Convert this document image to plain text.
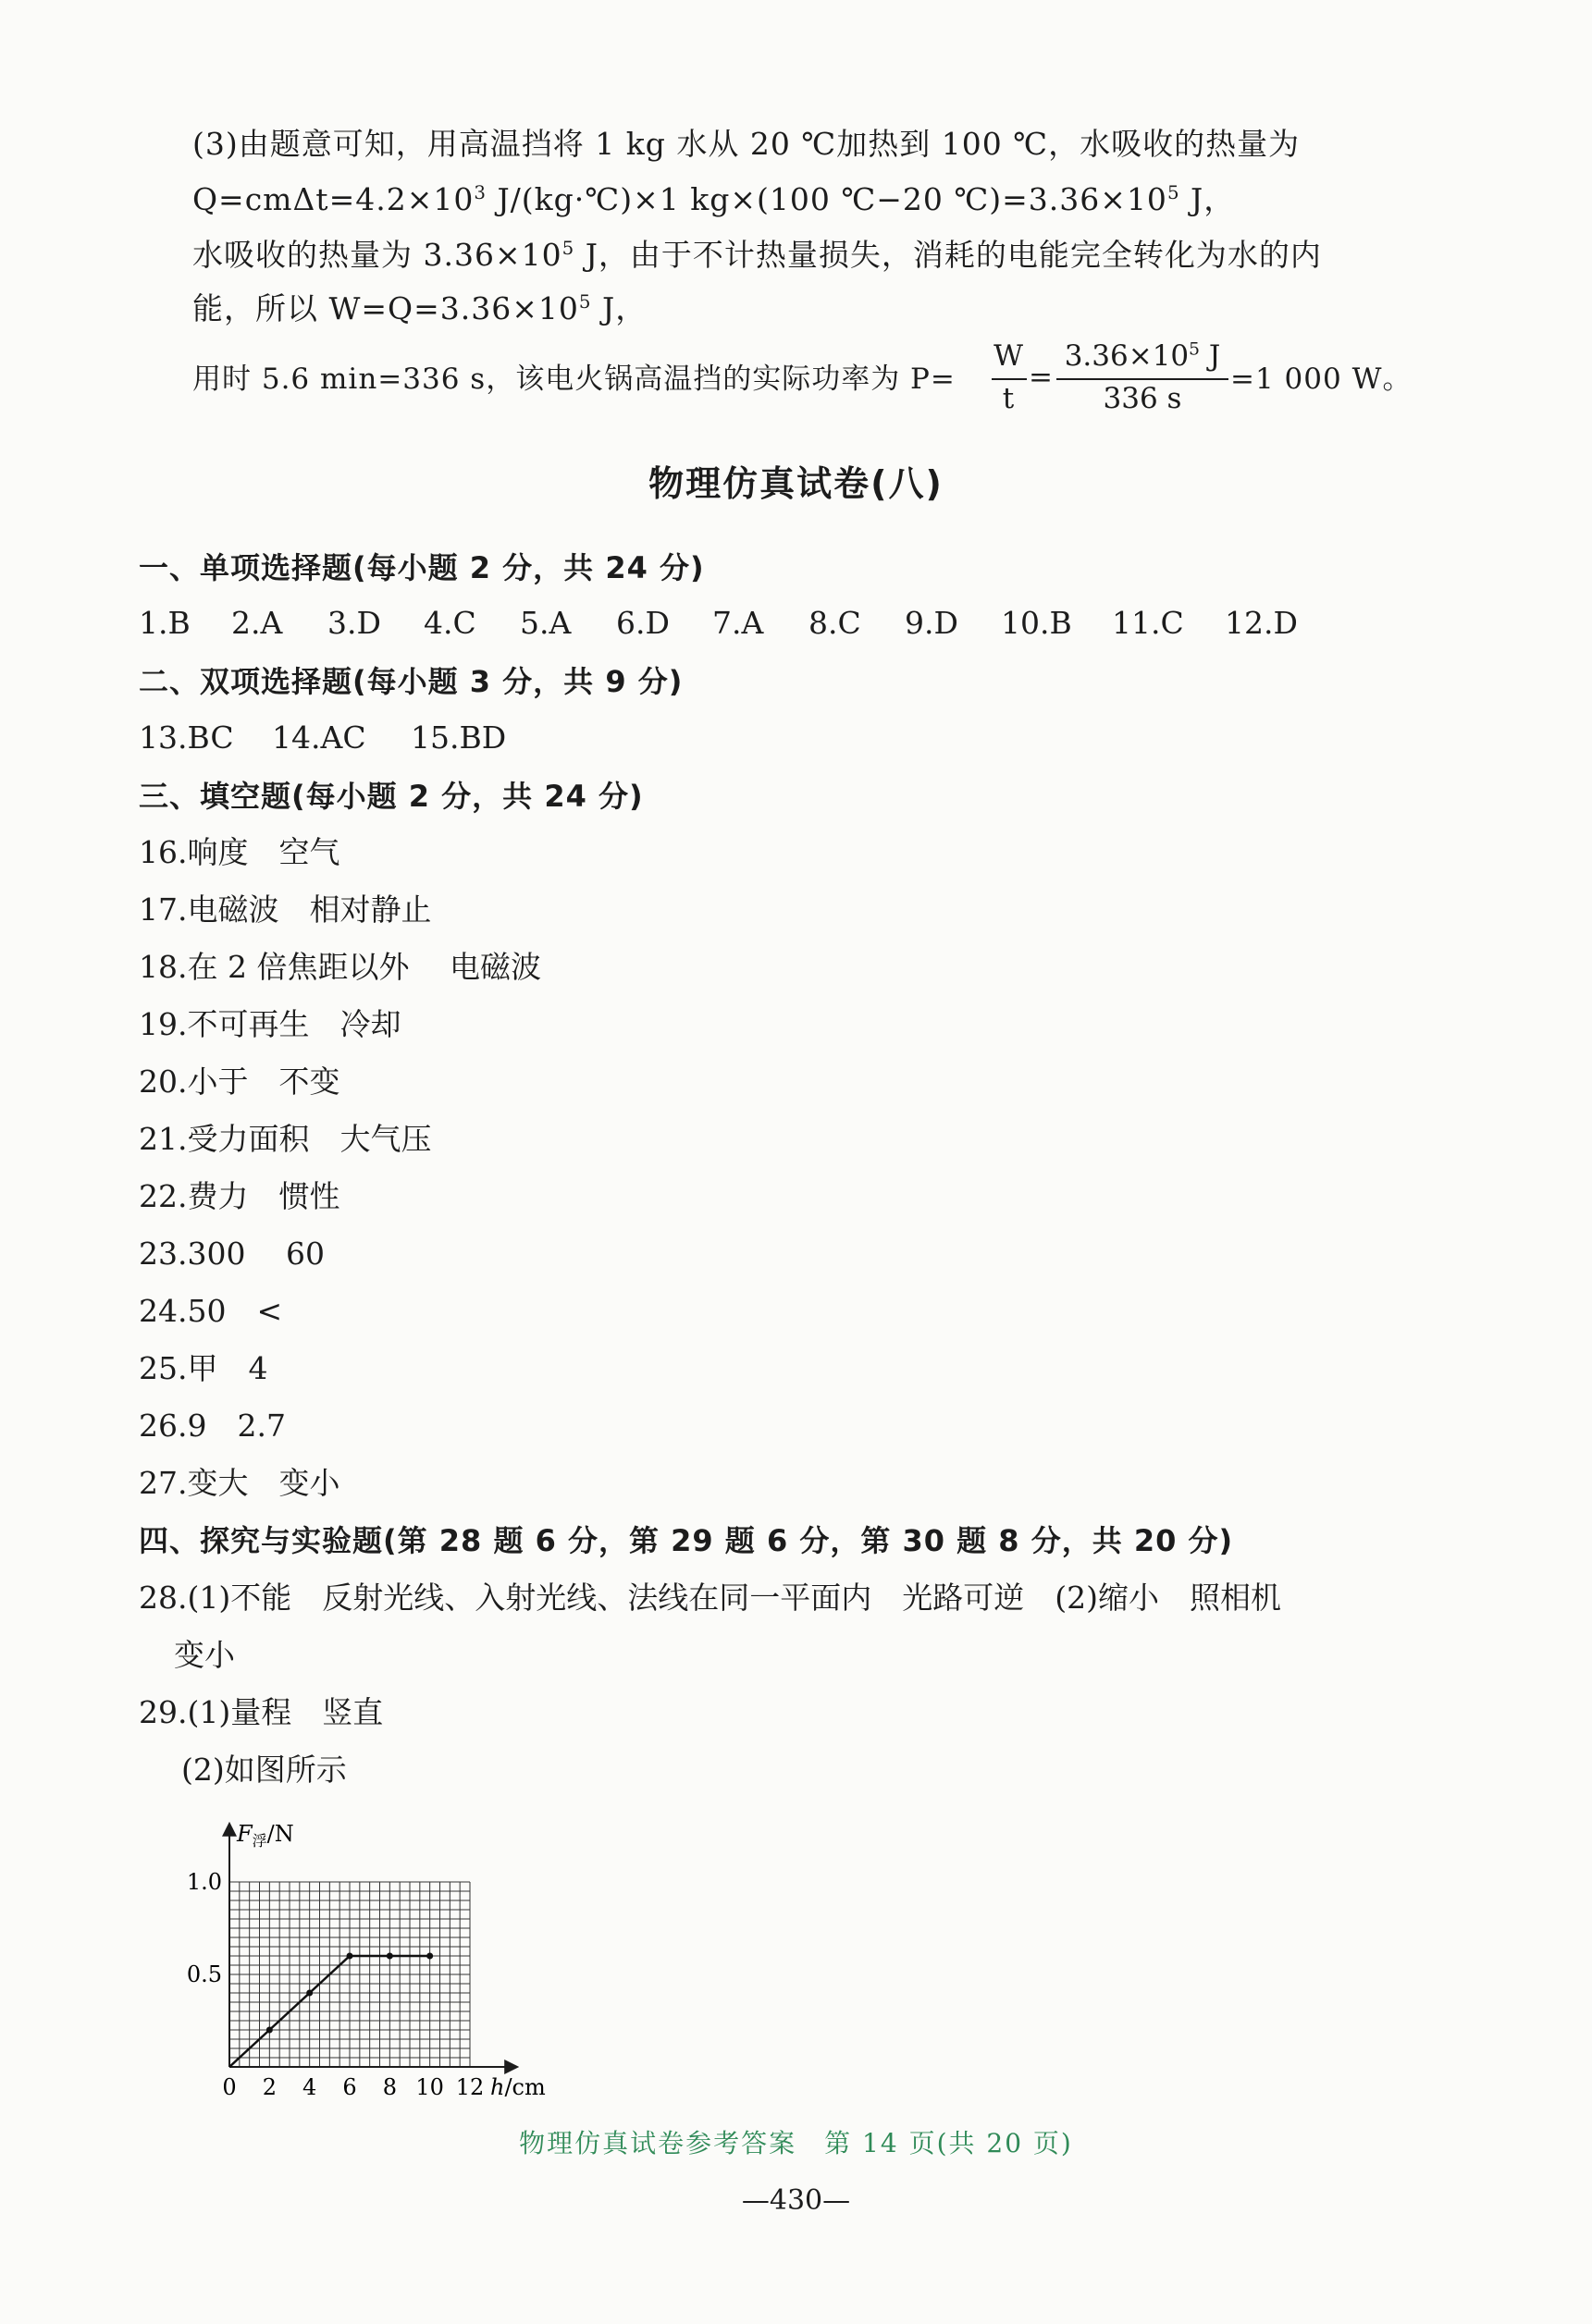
(3)由题意可知，用高温挡将 1 kg 水从 20 ℃加热到 100 ℃，水吸收的热量为
$Q=cm\Delta t=4.2\times 10^3$ J/(kg·℃)×1 kg×(100 ℃−20 $℃)=3.36\times 10^5$ J，
水吸收的热量为 $3.36\times 10^5$ J，由于不计热量损失，消耗的电能完全转化为水的内
能，所以 $W=Q=3.36\times 10^5$ J，
用时 5.6 min=336 s，该电火锅高温挡的实际功率为 P=
W
t
=
$3.36\times 10^5$ J
336 s
=1 000 W。
物理仿真试卷(八)
一、单项选择题(每小题 2 分，共 24 分)
1.B 2.A 3.D 4.C 5.A 6.D 7.A 8.C 9.D 10.B 11.C 12.D
二、双项选择题(每小题 3 分，共 9 分)
13.BC 14.AC 15.BD
三、填空题(每小题 2 分，共 24 分)
16.响度　空气
17.电磁波　相对静止
18.在 2 倍焦距以外　 电磁波
19.不可再生　冷却
20.小于　不变
21.受力面积　大气压
22.费力　惯性
23.300　 60
24.50　<
25.甲　4
26.9　2.7
27.变大　变小
四、探究与实验题(第 28 题 6 分，第 29 题 6 分，第 30 题 8 分，共 20 分)
28.(1)不能　反射光线、入射光线、法线在同一平面内　光路可逆　(2)缩小　照相机
变小
29.(1)量程　竖直
(2)如图所示
0 2 4 6 8 10 12
0.5
1.0
$F_浮/N$
h/cm
物理仿真试卷参考答案　第 14 页(共 20 页)
—430—
